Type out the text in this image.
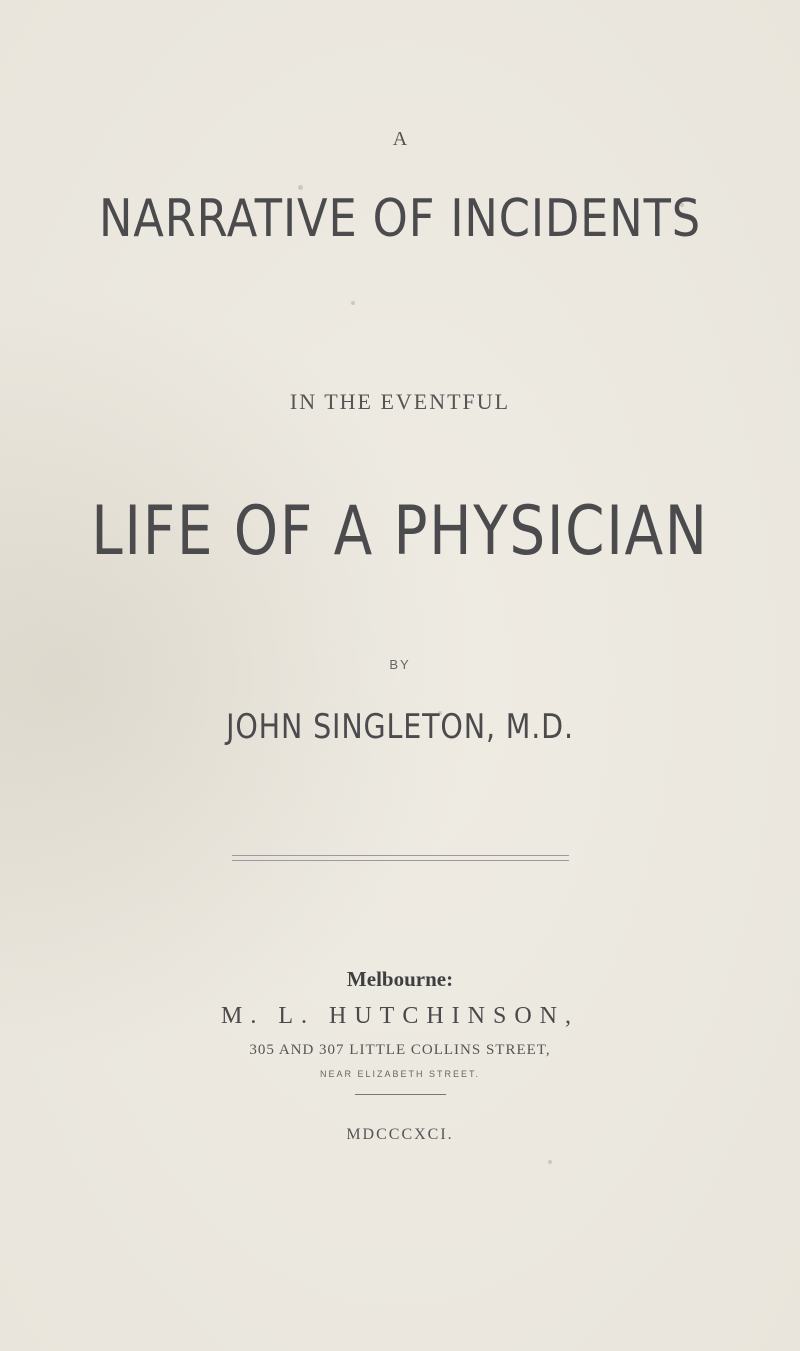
A
NARRATIVE OF INCIDENTS
IN THE EVENTFUL
LIFE OF A PHYSICIAN
BY
JOHN SINGLETON, M.D.
Melbourne:
M. L. HUTCHINSON,
305 AND 307 LITTLE COLLINS STREET,
NEAR ELIZABETH STREET.
MDCCCXCI.
